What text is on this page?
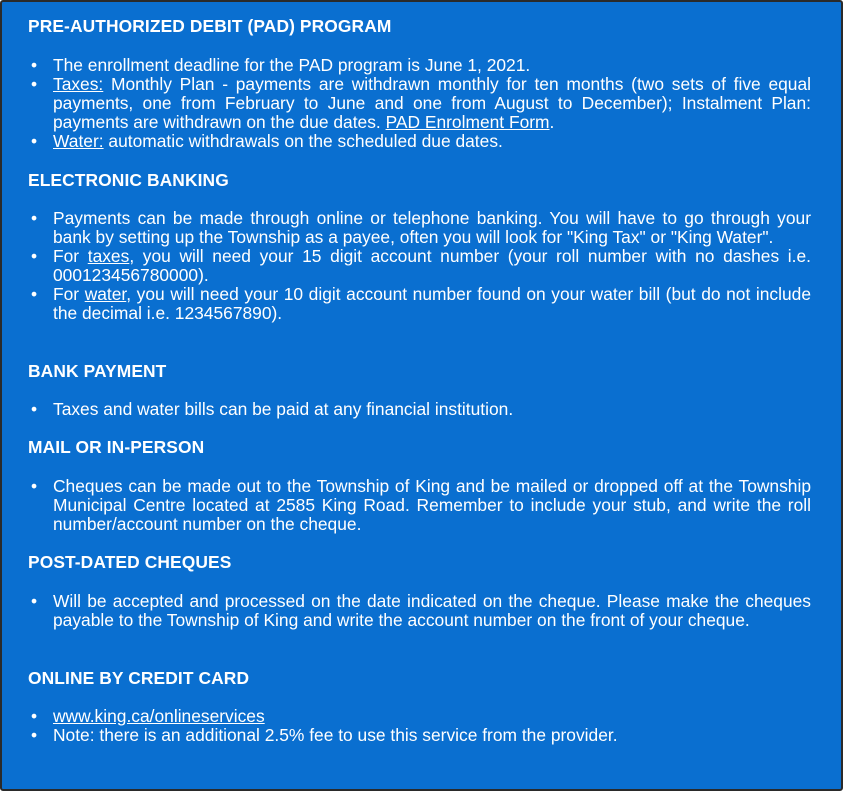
PRE-AUTHORIZED DEBIT (PAD) PROGRAM
• The enrollment deadline for the PAD program is June 1, 2021.
• Taxes: Monthly Plan - payments are withdrawn monthly for ten months (two sets of five equal payments, one from February to June and one from August to December); Instalment Plan: payments are withdrawn on the due dates. PAD Enrolment Form.
• Water: automatic withdrawals on the scheduled due dates.
ELECTRONIC BANKING
• Payments can be made through online or telephone banking. You will have to go through your bank by setting up the Township as a payee, often you will look for "King Tax" or "King Water".
• For taxes, you will need your 15 digit account number (your roll number with no dashes i.e. 000123456780000).
• For water, you will need your 10 digit account number found on your water bill (but do not include the decimal i.e. 1234567890).
BANK PAYMENT
• Taxes and water bills can be paid at any financial institution.
MAIL OR IN-PERSON
• Cheques can be made out to the Township of King and be mailed or dropped off at the Township Municipal Centre located at 2585 King Road. Remember to include your stub, and write the roll number/account number on the cheque.
POST-DATED CHEQUES
• Will be accepted and processed on the date indicated on the cheque. Please make the cheques payable to the Township of King and write the account number on the front of your cheque.
ONLINE BY CREDIT CARD
• www.king.ca/onlineservices
• Note: there is an additional 2.5% fee to use this service from the provider.
